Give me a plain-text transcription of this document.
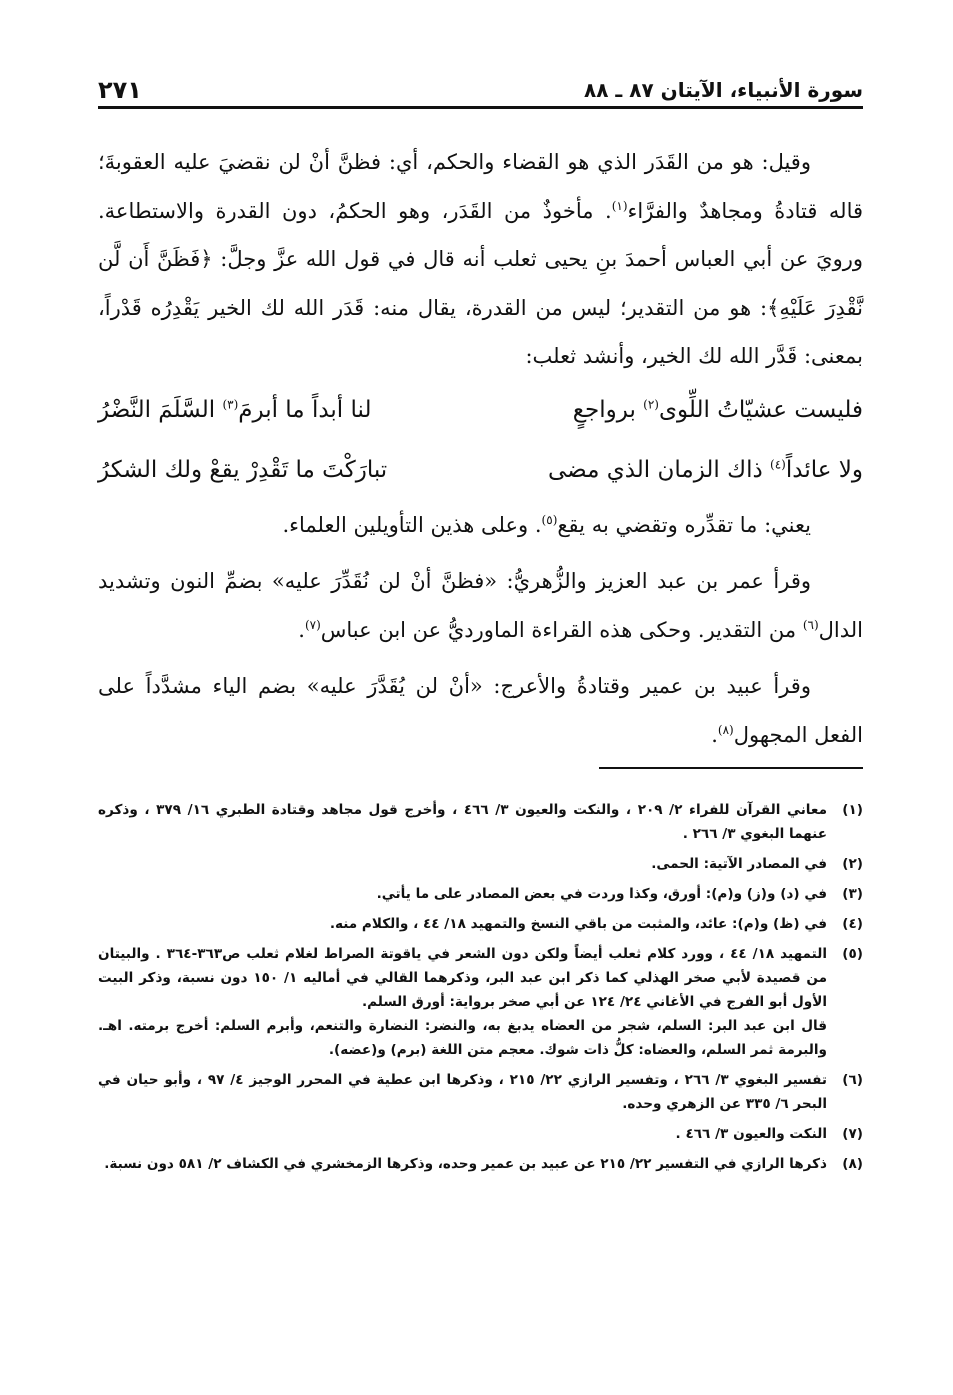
سورة الأنبياء، الآيتان ٨٧ ـ ٨٨
٢٧١

وقيل: هو من القَدَر الذي هو القضاء والحكم، أي: فظنَّ أنْ لن نقضيَ عليه العقوبةَ؛ قاله قتادةُ ومجاهدٌ والفرَّاء$^{(١)}$. مأخوذٌ من القَدَر، وهو الحكمُ، دون القدرة والاستطاعة. ورويَ عن أبي العباس أحمدَ بنِ يحيى ثعلب أنه قال في قول الله عزَّ وجلَّ: ﴿فَظَنَّ أَن لَّن نَّقْدِرَ عَلَيْهِ﴾: هو من التقدير؛ ليس من القدرة، يقال منه: قَدَر الله لك الخير يَقْدِرُه قَدْراً، بمعنى: قَدَّر الله لك الخير، وأنشد ثعلب:

فليست عشيّاتُ اللِّوى$^{(٢)}$ برواجعٍ
لنا أبداً ما أبرمَ$^{(٣)}$ السَّلَمَ النَّضْرُ
ولا عائداً$^{(٤)}$ ذاك الزمان الذي مضى
تبارَكْتَ ما تَقْدِرْ يقعْ ولك الشكرُ

يعني: ما تقدِّره وتقضي به يقع$^{(٥)}$. وعلى هذين التأويلين العلماء.

وقرأ عمر بن عبد العزيز والزُّهريُّ: «فظنَّ أنْ لن نُقَدِّرَ عليه» بضمِّ النون وتشديد الدال$^{(٦)}$ من التقدير. وحكى هذه القراءة الماورديُّ عن ابن عباس$^{(٧)}$.

وقرأ عبيد بن عمير وقتادةُ والأعرج: «أنْ لن يُقَدَّرَ عليه» بضم الياء مشدَّداً على الفعل المجهول$^{(٨)}$.

(١)
معاني القرآن للفراء ٢/ ٢٠٩ ، والنكت والعيون ٣/ ٤٦٦ ، وأخرج قول مجاهد وقتادة الطبري ١٦/ ٣٧٩ ، وذكره عنهما البغوي ٣/ ٢٦٦ .

(٢)
في المصادر الآتية: الحمى.

(٣)
في (د) و(ز) و(م): أورق، وكذا وردت في بعض المصادر على ما يأتي.

(٤)
في (ظ) و(م): عائد، والمثبت من باقي النسخ والتمهيد ١٨/ ٤٤ ، والكلام منه.

(٥)
التمهيد ١٨/ ٤٤ ، وورد كلام ثعلب أيضاً ولكن دون الشعر في ياقوتة الصراط لغلام ثعلب ص٣٦٣-٣٦٤ . والبيتان من قصيدة لأبي صخر الهذلي كما ذكر ابن عبد البر، وذكرهما القالي في أماليه ١/ ١٥٠ دون نسبة، وذكر البيت الأول أبو الفرج في الأغاني ٢٤/ ١٢٤ عن أبي صخر برواية: أورق السلم.
قال ابن عبد البر: السلم، شجر من العضاه يدبغ به، والنضر: النضارة والتنعم، وأبرم السلم: أخرج برمته. اهـ. والبرمة ثمر السلم، والعضاه: كلُّ ذات شوك. معجم متن اللغة (برم) و(عضه).

(٦)
تفسير البغوي ٣/ ٢٦٦ ، وتفسير الرازي ٢٢/ ٢١٥ ، وذكرها ابن عطية في المحرر الوجيز ٤/ ٩٧ ، وأبو حيان في البحر ٦/ ٣٣٥ عن الزهري وحده.

(٧)
النكت والعيون ٣/ ٤٦٦ .

(٨)
ذكرها الرازي في التفسير ٢٢/ ٢١٥ عن عبيد بن عمير وحده، وذكرها الزمخشري في الكشاف ٢/ ٥٨١ دون نسبة.
